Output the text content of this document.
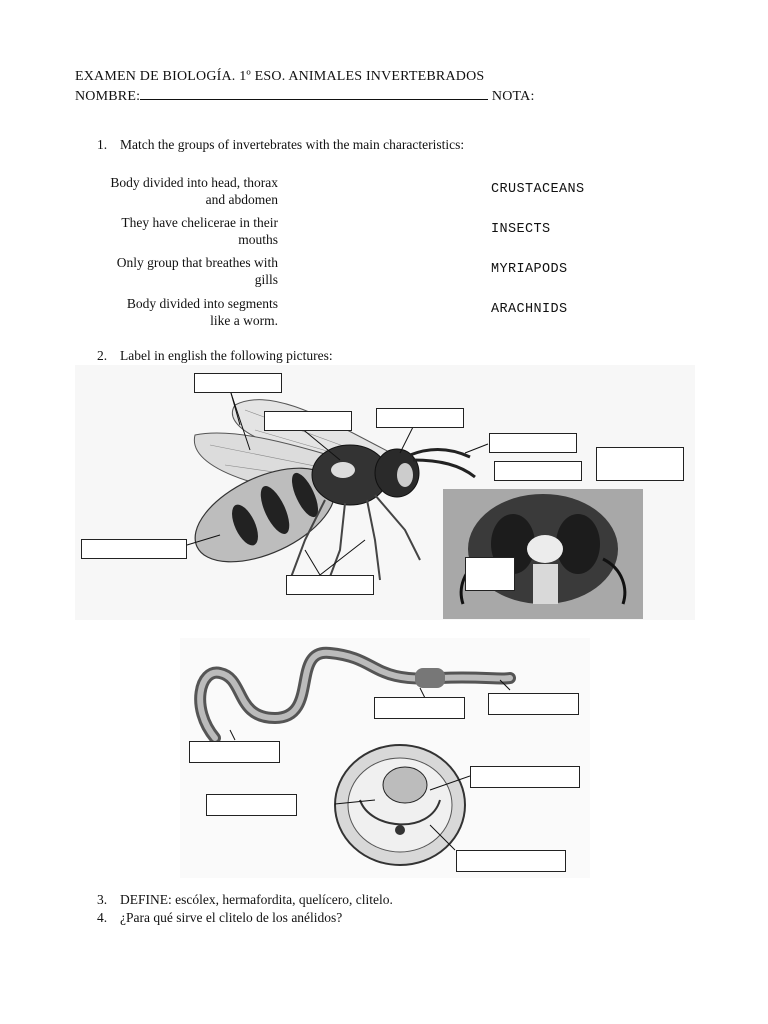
EXAMEN DE BIOLOGÍA. 1º ESO. ANIMALES INVERTEBRADOS
NOMBRE:	NOTA:
1. Match the groups of invertebrates with the main characteristics:
Body divided into head, thorax
and abdomen
They have chelicerae in their
mouths
Only group that breathes with
gills
Body divided into segments
like a worm.
CRUSTACEANS
INSECTS
MYRIAPODS
ARACHNIDS
2. Label in english the following pictures:
3. DEFINE: escólex, hermafordita, quelícero, clitelo.
4. ¿Para qué sirve el clitelo de los anélidos?
